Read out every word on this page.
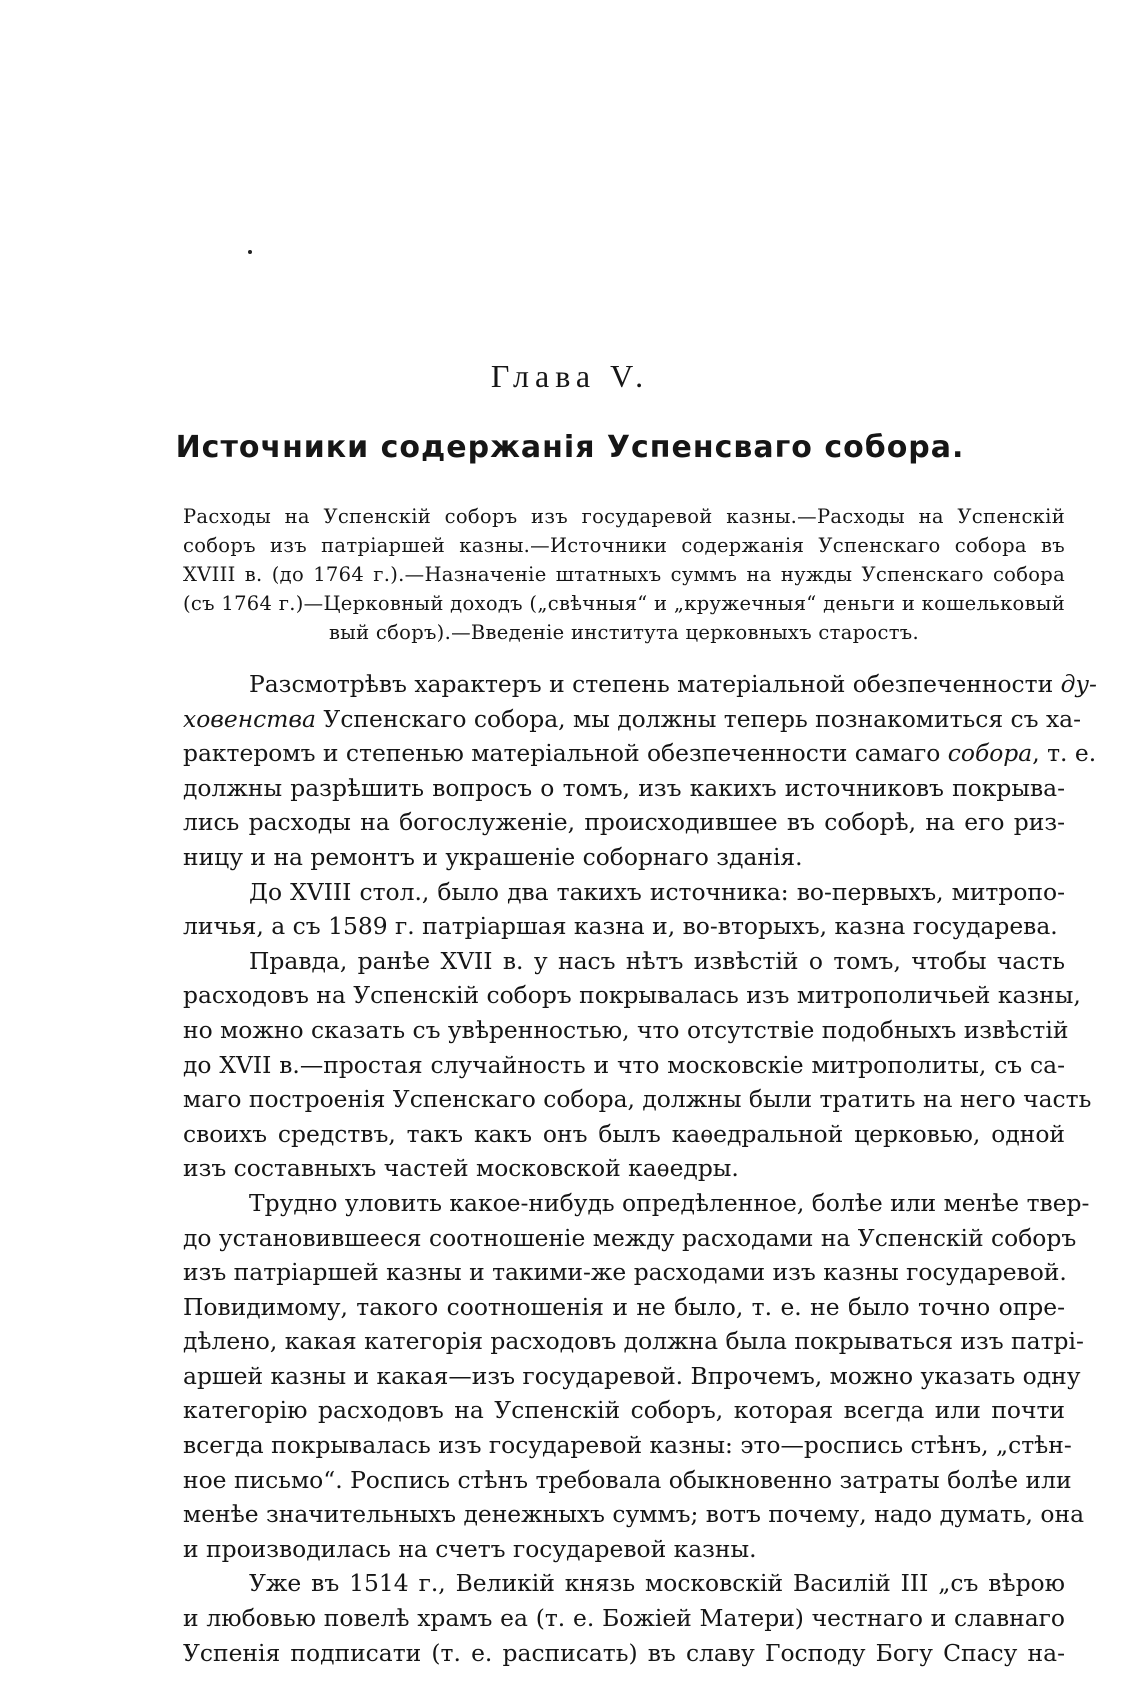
Глава V.
Источники содержанія Успенсваго собора.
Расходы на Успенскій соборъ изъ государевой казны.—Расходы на Успенскій
соборъ изъ патріаршей казны.—Источники содержанія Успенскаго собора въ
XVIII в. (до 1764 г.).—Назначеніе штатныхъ суммъ на нужды Успенскаго собора
(съ 1764 г.)—Церковный доходъ („свѣчныя“ и „кружечныя“ деньги и кошельковый
вый сборъ).—Введеніе института церковныхъ старостъ.
Разсмотрѣвъ характеръ и степень матеріальной обезпеченности ду-
ховенства Успенскаго собора, мы должны теперь познакомиться съ ха-
рактеромъ и степенью матеріальной обезпеченности самаго собора, т. е.
должны разрѣшить вопросъ о томъ, изъ какихъ источниковъ покрыва-
лись расходы на богослуженіе, происходившее въ соборѣ, на его риз-
ницу и на ремонтъ и украшеніе соборнаго зданія.
До XVIII стол., было два такихъ источника: во-первыхъ, митропо-
личья, а съ 1589 г. патріаршая казна и, во-вторыхъ, казна государева.
Правда, ранѣе XVII в. у насъ нѣтъ извѣстій о томъ, чтобы часть
расходовъ на Успенскій соборъ покрывалась изъ митрополичьей казны,
но можно сказать съ увѣренностью, что отсутствіе подобныхъ извѣстій
до XVII в.—простая случайность и что московскіе митрополиты, съ са-
маго построенія Успенскаго собора, должны были тратить на него часть
своихъ средствъ, такъ какъ онъ былъ каѳедральной церковью, одной
изъ составныхъ частей московской каѳедры.
Трудно уловить какое-нибудь опредѣленное, болѣе или менѣе твер-
до установившееся соотношеніе между расходами на Успенскій соборъ
изъ патріаршей казны и такими-же расходами изъ казны государевой.
Повидимому, такого соотношенія и не было, т. е. не было точно опре-
дѣлено, какая категорія расходовъ должна была покрываться изъ патрі-
аршей казны и какая—изъ государевой. Впрочемъ, можно указать одну
категорію расходовъ на Успенскій соборъ, которая всегда или почти
всегда покрывалась изъ государевой казны: это—роспись стѣнъ, „стѣн-
ное письмо“. Роспись стѣнъ требовала обыкновенно затраты болѣе или
менѣе значительныхъ денежныхъ суммъ; вотъ почему, надо думать, она
и производилась на счетъ государевой казны.
Уже въ 1514 г., Великій князь московскій Василій III „съ вѣрою
и любовью повелѣ храмъ еа (т. е. Божіей Матери) честнаго и славнаго
Успенія подписати (т. е. расписать) въ славу Господу Богу Спасу на-
